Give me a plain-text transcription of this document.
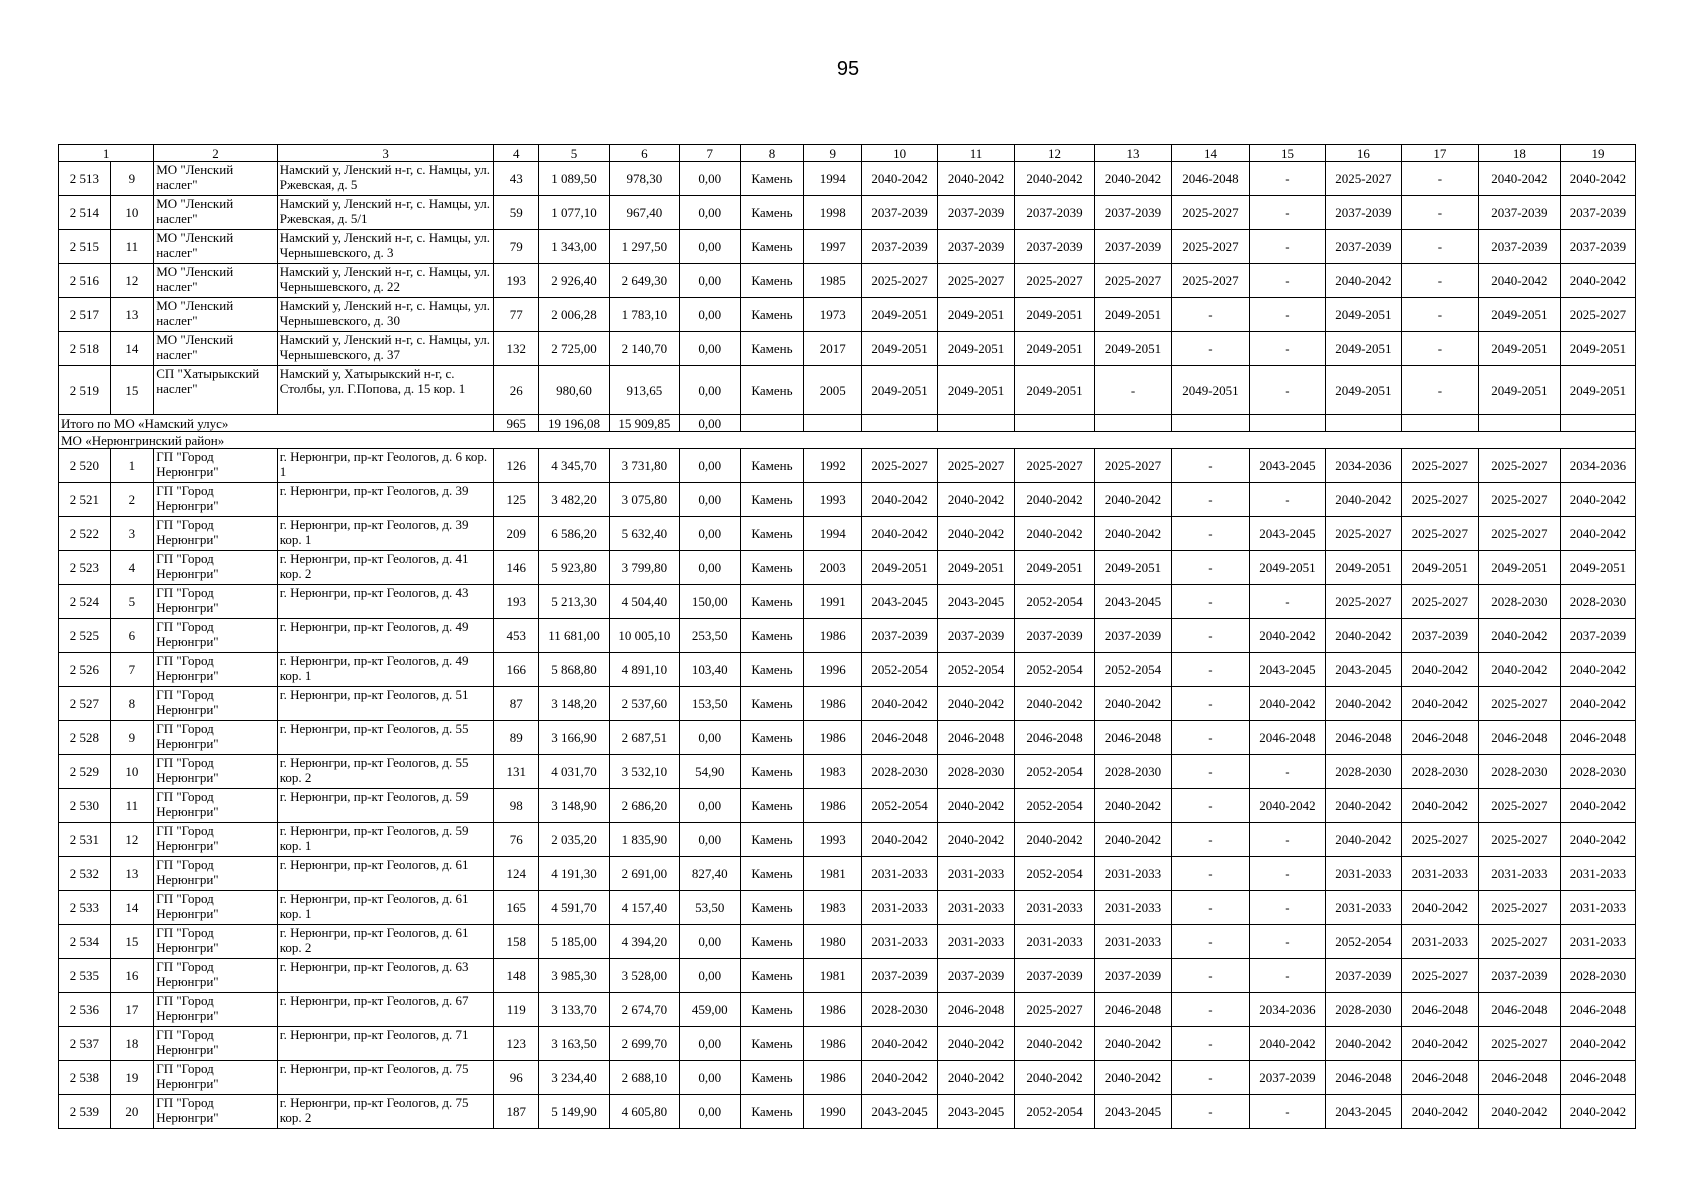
95
1		2	3	4	5	6	7	8	9	10	11	12	13	14	15	16	17	18	19
2 513	9	МО "Ленский наслег"	Намский у, Ленский н-г, с. Намцы, ул. Ржевская, д. 5	43	1 089,50	978,30	0,00	Камень	1994	2040-2042	2040-2042	2040-2042	2040-2042	2046-2048	-	2025-2027	-	2040-2042	2040-2042
2 514	10	МО "Ленский наслег"	Намский у, Ленский н-г, с. Намцы, ул. Ржевская, д. 5/1	59	1 077,10	967,40	0,00	Камень	1998	2037-2039	2037-2039	2037-2039	2037-2039	2025-2027	-	2037-2039	-	2037-2039	2037-2039
2 515	11	МО "Ленский наслег"	Намский у, Ленский н-г, с. Намцы, ул. Чернышевского, д. 3	79	1 343,00	1 297,50	0,00	Камень	1997	2037-2039	2037-2039	2037-2039	2037-2039	2025-2027	-	2037-2039	-	2037-2039	2037-2039
2 516	12	МО "Ленский наслег"	Намский у, Ленский н-г, с. Намцы, ул. Чернышевского, д. 22	193	2 926,40	2 649,30	0,00	Камень	1985	2025-2027	2025-2027	2025-2027	2025-2027	2025-2027	-	2040-2042	-	2040-2042	2040-2042
2 517	13	МО "Ленский наслег"	Намский у, Ленский н-г, с. Намцы, ул. Чернышевского, д. 30	77	2 006,28	1 783,10	0,00	Камень	1973	2049-2051	2049-2051	2049-2051	2049-2051	-	-	2049-2051	-	2049-2051	2025-2027
2 518	14	МО "Ленский наслег"	Намский у, Ленский н-г, с. Намцы, ул. Чернышевского, д. 37	132	2 725,00	2 140,70	0,00	Камень	2017	2049-2051	2049-2051	2049-2051	2049-2051	-	-	2049-2051	-	2049-2051	2049-2051
2 519	15	СП "Хатырыкский наслег"	Намский у, Хатырыкский н-г, с. Столбы, ул. Г.Попова, д. 15 кор. 1	26	980,60	913,65	0,00	Камень	2005	2049-2051	2049-2051	2049-2051	-	2049-2051	-	2049-2051	-	2049-2051	2049-2051
Итого по МО «Намский улус»				965	19 196,08	15 909,85	0,00												
МО «Нерюнгринский район»																			
2 520	1	ГП "Город Нерюнгри"	г. Нерюнгри, пр-кт Геологов, д. 6 кор. 1	126	4 345,70	3 731,80	0,00	Камень	1992	2025-2027	2025-2027	2025-2027	2025-2027	-	2043-2045	2034-2036	2025-2027	2025-2027	2034-2036
2 521	2	ГП "Город Нерюнгри"	г. Нерюнгри, пр-кт Геологов, д. 39	125	3 482,20	3 075,80	0,00	Камень	1993	2040-2042	2040-2042	2040-2042	2040-2042	-	-	2040-2042	2025-2027	2025-2027	2040-2042
2 522	3	ГП "Город Нерюнгри"	г. Нерюнгри, пр-кт Геологов, д. 39 кор. 1	209	6 586,20	5 632,40	0,00	Камень	1994	2040-2042	2040-2042	2040-2042	2040-2042	-	2043-2045	2025-2027	2025-2027	2025-2027	2040-2042
2 523	4	ГП "Город Нерюнгри"	г. Нерюнгри, пр-кт Геологов, д. 41 кор. 2	146	5 923,80	3 799,80	0,00	Камень	2003	2049-2051	2049-2051	2049-2051	2049-2051	-	2049-2051	2049-2051	2049-2051	2049-2051	2049-2051
2 524	5	ГП "Город Нерюнгри"	г. Нерюнгри, пр-кт Геологов, д. 43	193	5 213,30	4 504,40	150,00	Камень	1991	2043-2045	2043-2045	2052-2054	2043-2045	-	-	2025-2027	2025-2027	2028-2030	2028-2030
2 525	6	ГП "Город Нерюнгри"	г. Нерюнгри, пр-кт Геологов, д. 49	453	11 681,00	10 005,10	253,50	Камень	1986	2037-2039	2037-2039	2037-2039	2037-2039	-	2040-2042	2040-2042	2037-2039	2040-2042	2037-2039
2 526	7	ГП "Город Нерюнгри"	г. Нерюнгри, пр-кт Геологов, д. 49 кор. 1	166	5 868,80	4 891,10	103,40	Камень	1996	2052-2054	2052-2054	2052-2054	2052-2054	-	2043-2045	2043-2045	2040-2042	2040-2042	2040-2042
2 527	8	ГП "Город Нерюнгри"	г. Нерюнгри, пр-кт Геологов, д. 51	87	3 148,20	2 537,60	153,50	Камень	1986	2040-2042	2040-2042	2040-2042	2040-2042	-	2040-2042	2040-2042	2040-2042	2025-2027	2040-2042
2 528	9	ГП "Город Нерюнгри"	г. Нерюнгри, пр-кт Геологов, д. 55	89	3 166,90	2 687,51	0,00	Камень	1986	2046-2048	2046-2048	2046-2048	2046-2048	-	2046-2048	2046-2048	2046-2048	2046-2048	2046-2048
2 529	10	ГП "Город Нерюнгри"	г. Нерюнгри, пр-кт Геологов, д. 55 кор. 2	131	4 031,70	3 532,10	54,90	Камень	1983	2028-2030	2028-2030	2052-2054	2028-2030	-	-	2028-2030	2028-2030	2028-2030	2028-2030
2 530	11	ГП "Город Нерюнгри"	г. Нерюнгри, пр-кт Геологов, д. 59	98	3 148,90	2 686,20	0,00	Камень	1986	2052-2054	2040-2042	2052-2054	2040-2042	-	2040-2042	2040-2042	2040-2042	2025-2027	2040-2042
2 531	12	ГП "Город Нерюнгри"	г. Нерюнгри, пр-кт Геологов, д. 59 кор. 1	76	2 035,20	1 835,90	0,00	Камень	1993	2040-2042	2040-2042	2040-2042	2040-2042	-	-	2040-2042	2025-2027	2025-2027	2040-2042
2 532	13	ГП "Город Нерюнгри"	г. Нерюнгри, пр-кт Геологов, д. 61	124	4 191,30	2 691,00	827,40	Камень	1981	2031-2033	2031-2033	2052-2054	2031-2033	-	-	2031-2033	2031-2033	2031-2033	2031-2033
2 533	14	ГП "Город Нерюнгри"	г. Нерюнгри, пр-кт Геологов, д. 61 кор. 1	165	4 591,70	4 157,40	53,50	Камень	1983	2031-2033	2031-2033	2031-2033	2031-2033	-	-	2031-2033	2040-2042	2025-2027	2031-2033
2 534	15	ГП "Город Нерюнгри"	г. Нерюнгри, пр-кт Геологов, д. 61 кор. 2	158	5 185,00	4 394,20	0,00	Камень	1980	2031-2033	2031-2033	2031-2033	2031-2033	-	-	2052-2054	2031-2033	2025-2027	2031-2033
2 535	16	ГП "Город Нерюнгри"	г. Нерюнгри, пр-кт Геологов, д. 63	148	3 985,30	3 528,00	0,00	Камень	1981	2037-2039	2037-2039	2037-2039	2037-2039	-	-	2037-2039	2025-2027	2037-2039	2028-2030
2 536	17	ГП "Город Нерюнгри"	г. Нерюнгри, пр-кт Геологов, д. 67	119	3 133,70	2 674,70	459,00	Камень	1986	2028-2030	2046-2048	2025-2027	2046-2048	-	2034-2036	2028-2030	2046-2048	2046-2048	2046-2048
2 537	18	ГП "Город Нерюнгри"	г. Нерюнгри, пр-кт Геологов, д. 71	123	3 163,50	2 699,70	0,00	Камень	1986	2040-2042	2040-2042	2040-2042	2040-2042	-	2040-2042	2040-2042	2040-2042	2025-2027	2040-2042
2 538	19	ГП "Город Нерюнгри"	г. Нерюнгри, пр-кт Геологов, д. 75	96	3 234,40	2 688,10	0,00	Камень	1986	2040-2042	2040-2042	2040-2042	2040-2042	-	2037-2039	2046-2048	2046-2048	2046-2048	2046-2048
2 539	20	ГП "Город Нерюнгри"	г. Нерюнгри, пр-кт Геологов, д. 75 кор. 2	187	5 149,90	4 605,80	0,00	Камень	1990	2043-2045	2043-2045	2052-2054	2043-2045	-	-	2043-2045	2040-2042	2040-2042	2040-2042
